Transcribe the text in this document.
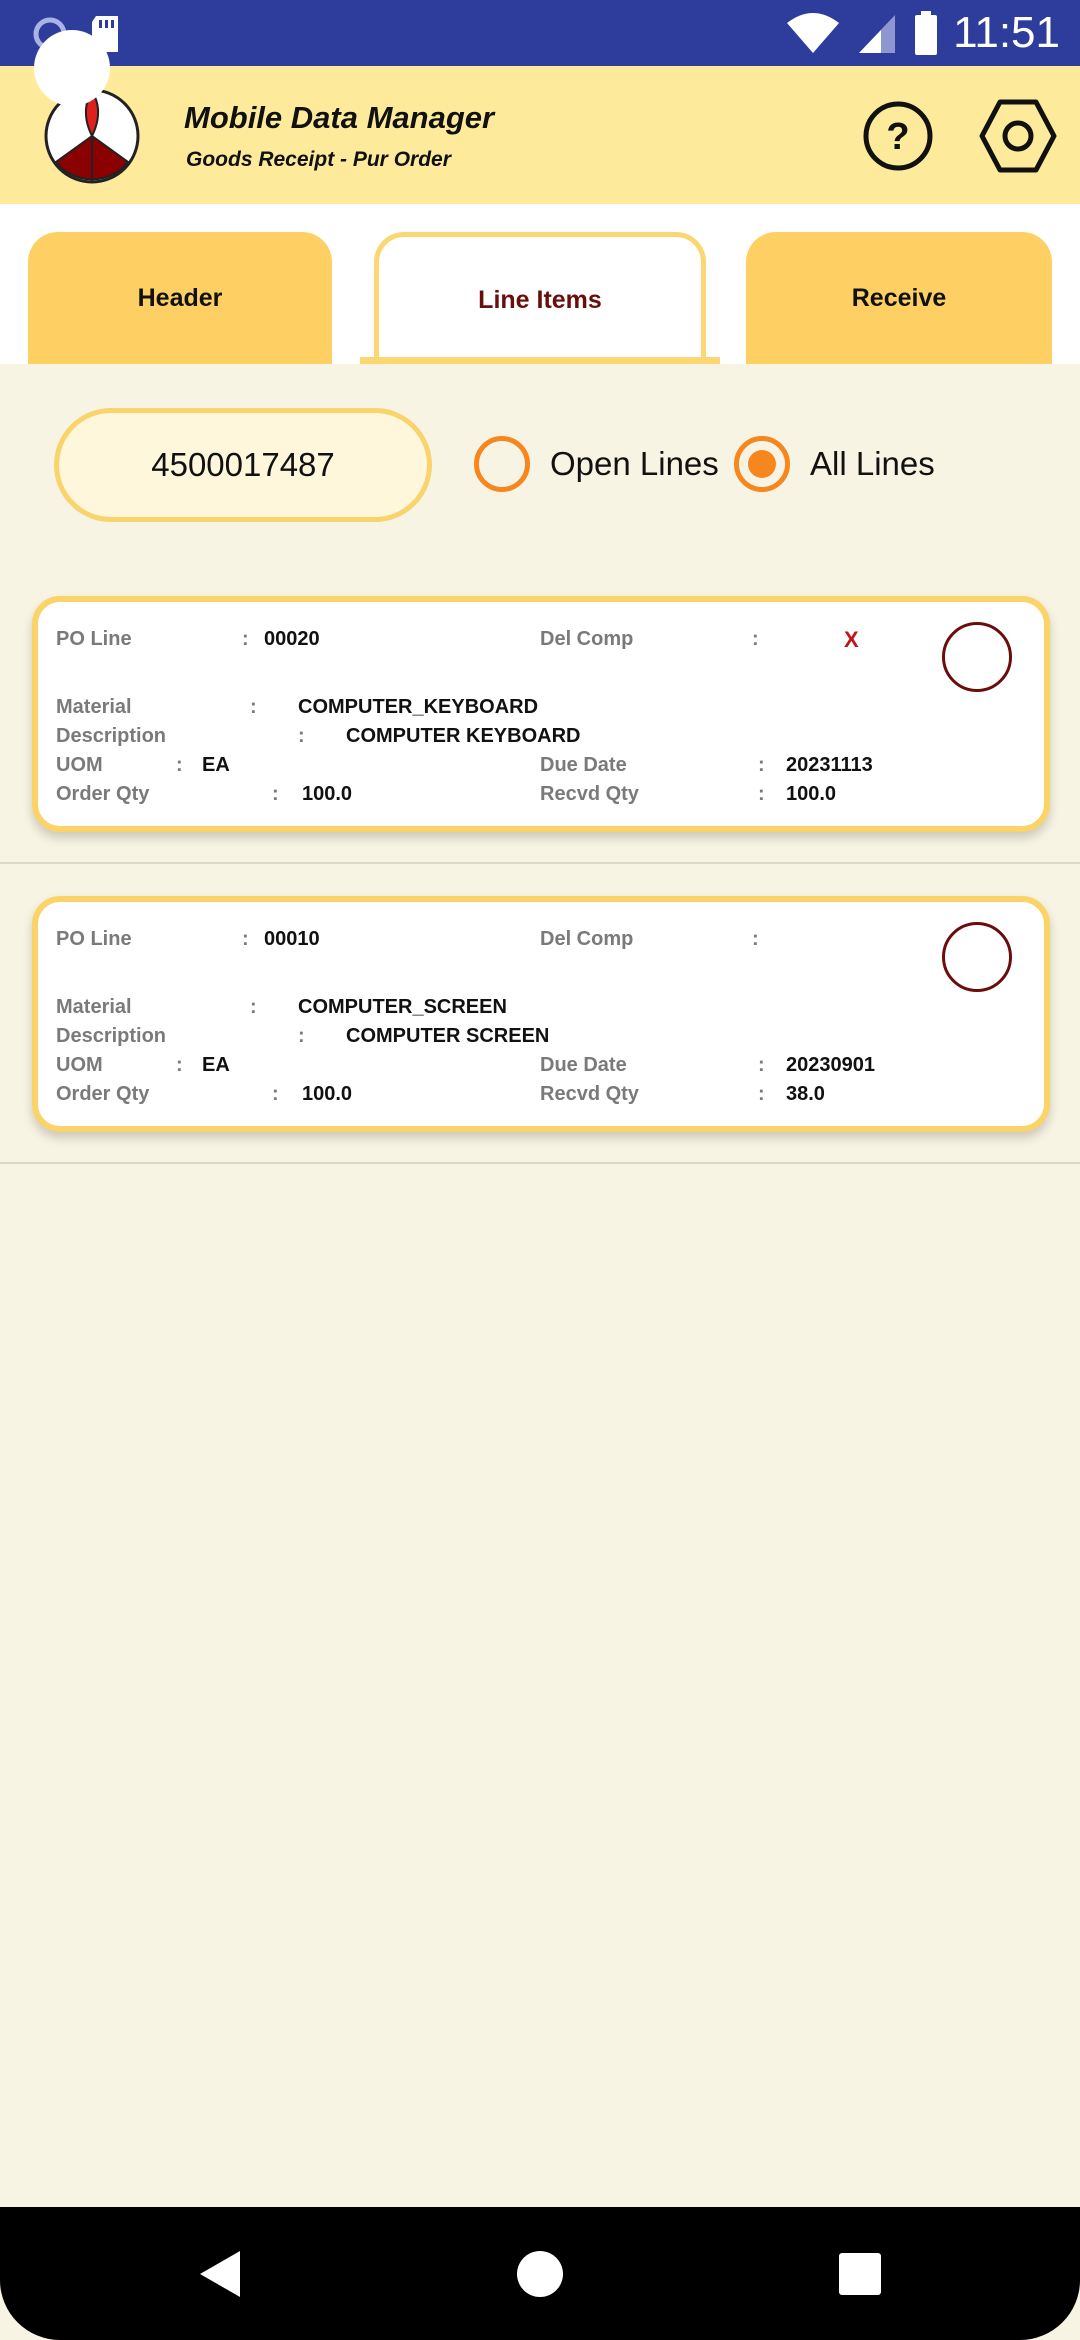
11:51
Mobile Data Manager
Goods Receipt - Pur Order
?
Header	Line Items	Receive
4500017487	Open Lines	All Lines
PO Line	: 00020	Del Comp	:	X
Material	: COMPUTER_KEYBOARD
Description	: COMPUTER KEYBOARD
UOM	: EA	Due Date	: 20231113
Order Qty	: 100.0	Recvd Qty	: 100.0
PO Line	: 00010	Del Comp	:
Material	: COMPUTER_SCREEN
Description	: COMPUTER SCREEN
UOM	: EA	Due Date	: 20230901
Order Qty	: 100.0	Recvd Qty	: 38.0
